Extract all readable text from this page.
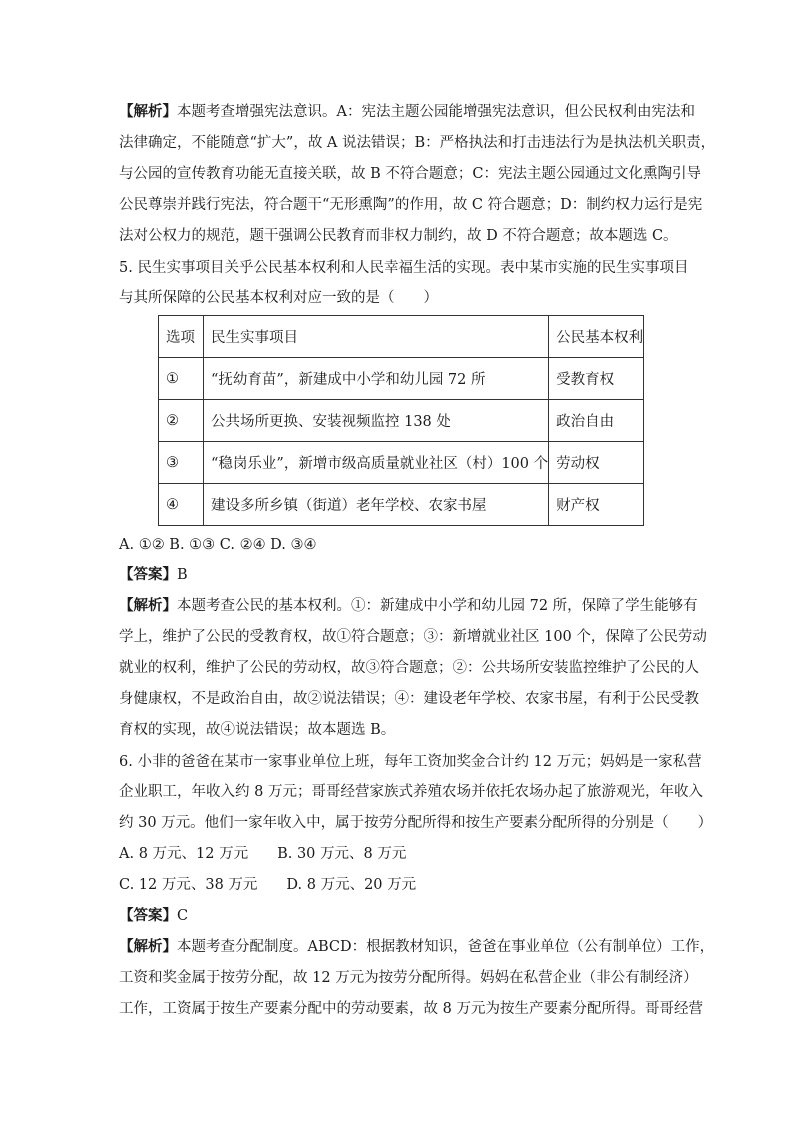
【解析】本题考查增强宪法意识。A：宪法主题公园能增强宪法意识，但公民权利由宪法和
法律确定，不能随意“扩大”，故 A 说法错误；B：严格执法和打击违法行为是执法机关职责，
与公园的宣传教育功能无直接关联，故 B 不符合题意；C：宪法主题公园通过文化熏陶引导
公民尊崇并践行宪法，符合题干“无形熏陶”的作用，故 C 符合题意；D：制约权力运行是宪
法对公权力的规范，题干强调公民教育而非权力制约，故 D 不符合题意；故本题选 C。
5. 民生实事项目关乎公民基本权利和人民幸福生活的实现。表中某市实施的民生实事项目
与其所保障的公民基本权利对应一致的是（　　）
选项	民生实事项目	公民基本权利
①	“抚幼育苗”，新建成中小学和幼儿园 72 所	受教育权
②	公共场所更换、安装视频监控 138 处	政治自由
③	“稳岗乐业”，新增市级高质量就业社区（村）100 个	劳动权
④	建设多所乡镇（街道）老年学校、农家书屋	财产权
A. ①② B. ①③ C. ②④ D. ③④
【答案】B
【解析】本题考查公民的基本权利。①：新建成中小学和幼儿园 72 所，保障了学生能够有
学上，维护了公民的受教育权，故①符合题意；③：新增就业社区 100 个，保障了公民劳动
就业的权利，维护了公民的劳动权，故③符合题意；②：公共场所安装监控维护了公民的人
身健康权，不是政治自由，故②说法错误；④：建设老年学校、农家书屋，有利于公民受教
育权的实现，故④说法错误；故本题选 B。
6. 小非的爸爸在某市一家事业单位上班，每年工资加奖金合计约 12 万元；妈妈是一家私营
企业职工，年收入约 8 万元；哥哥经营家族式养殖农场并依托农场办起了旅游观光，年收入
约 30 万元。他们一家年收入中，属于按劳分配所得和按生产要素分配所得的分别是（　　）
A. 8 万元、12 万元　　B. 30 万元、8 万元
C. 12 万元、38 万元　　D. 8 万元、20 万元
【答案】C
【解析】本题考查分配制度。ABCD：根据教材知识，爸爸在事业单位（公有制单位）工作，
工资和奖金属于按劳分配，故 12 万元为按劳分配所得。妈妈在私营企业（非公有制经济）
工作，工资属于按生产要素分配中的劳动要素，故 8 万元为按生产要素分配所得。哥哥经营
